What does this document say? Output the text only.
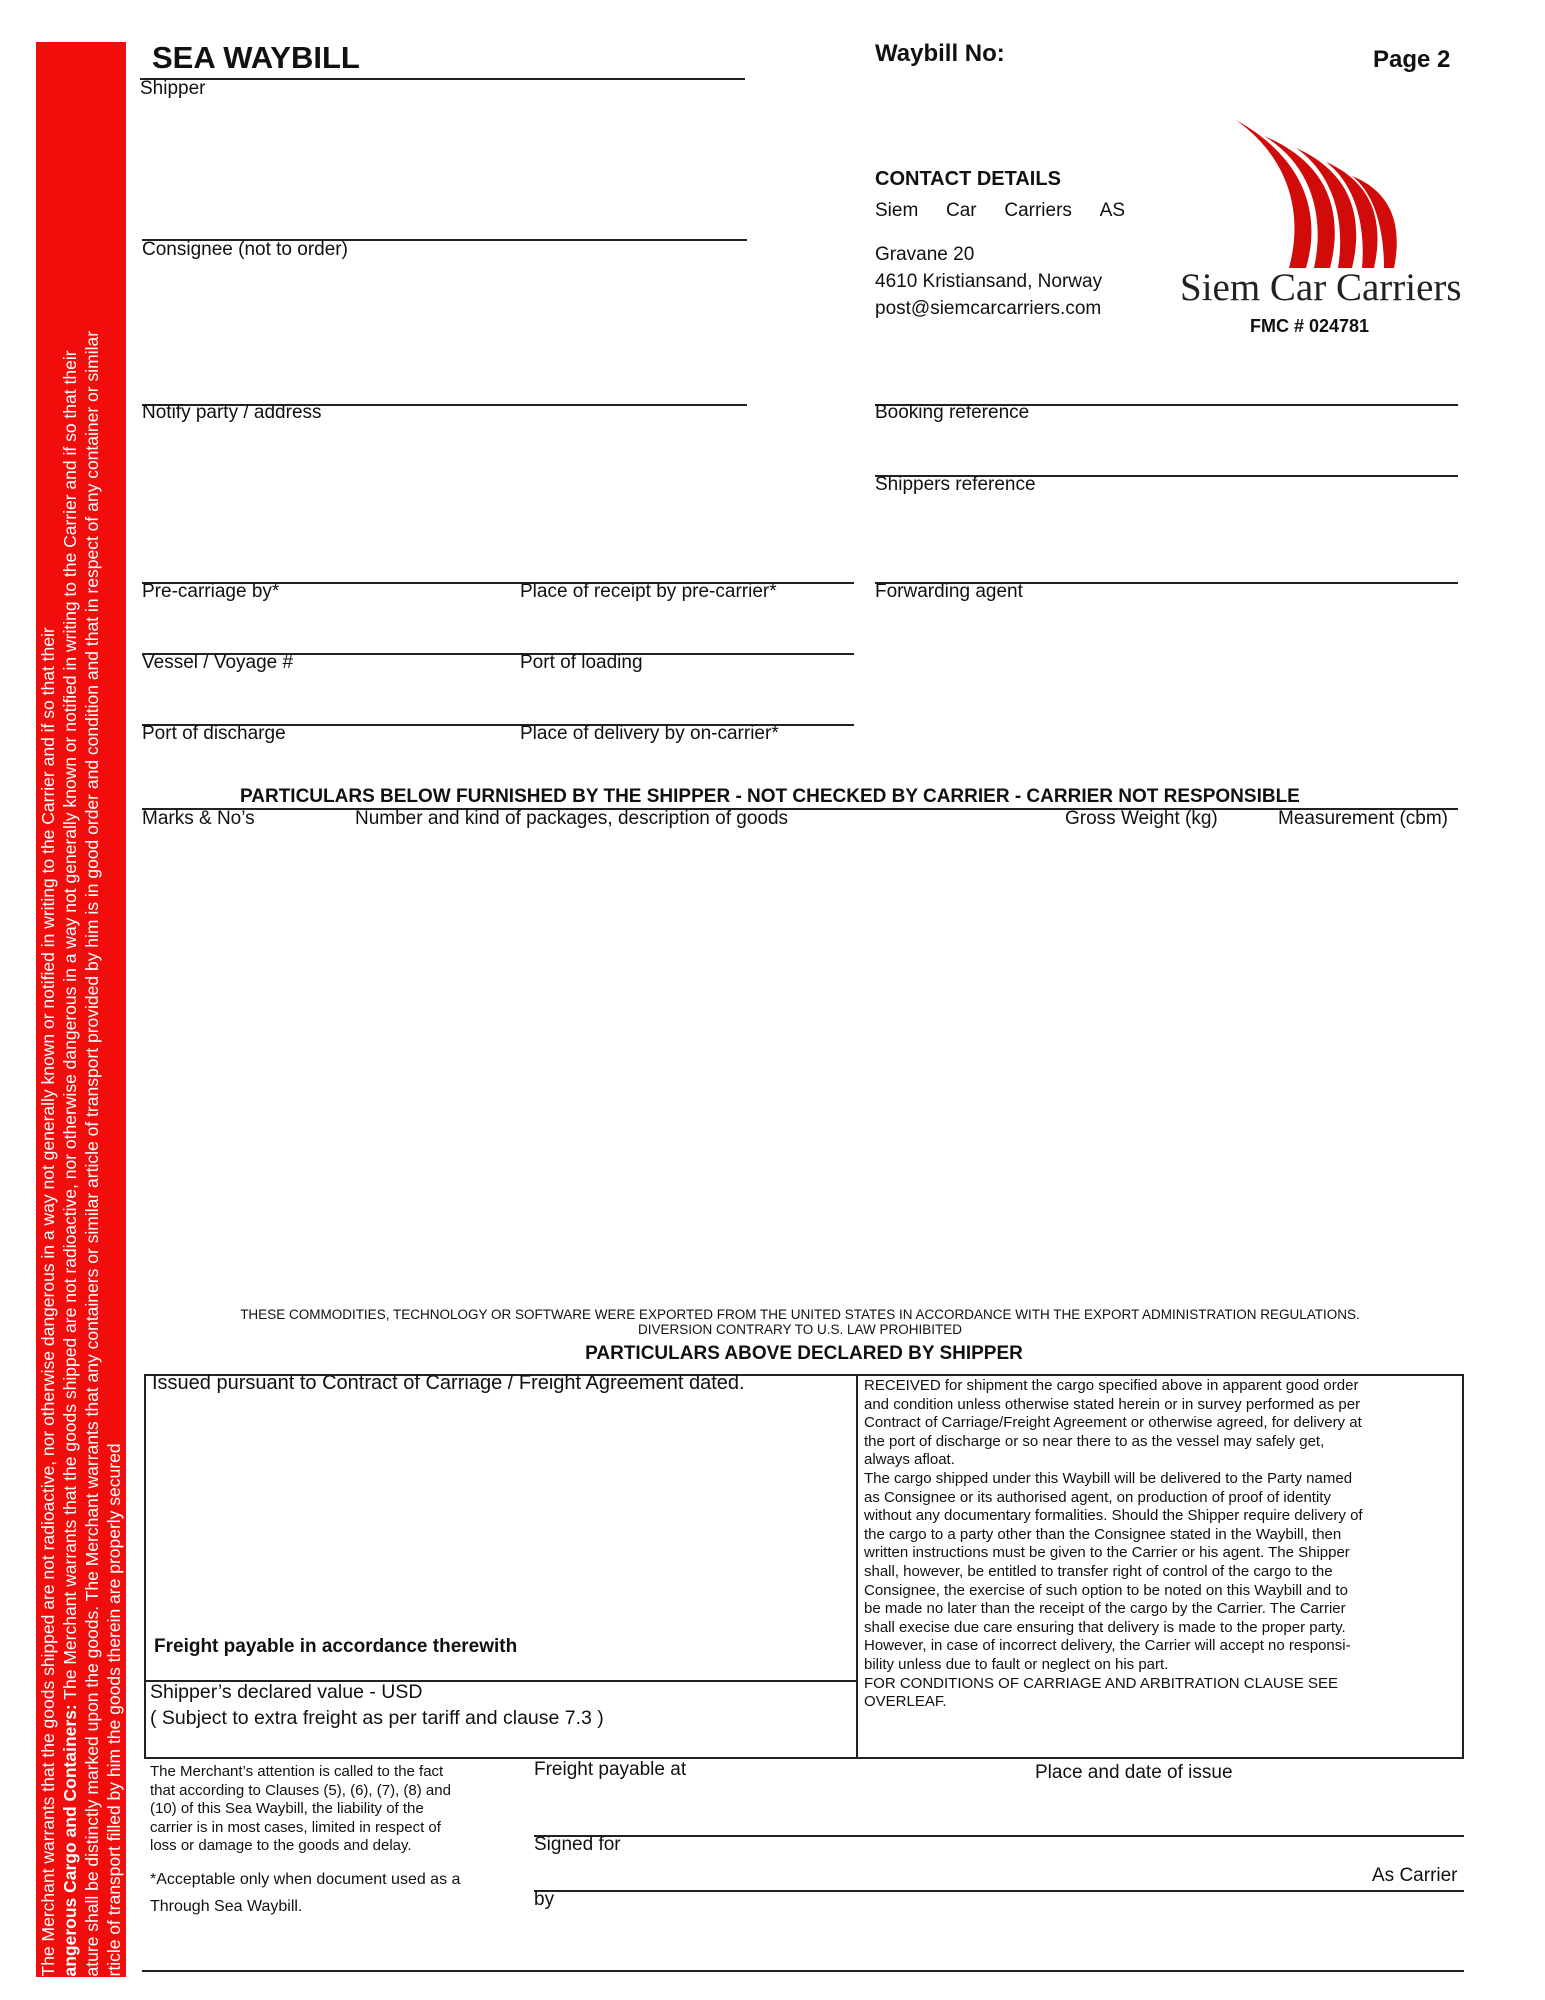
The Merchant warrants that the goods shipped are not radioactive, nor otherwise dangerous in a way not generally known or notified in writing to the Carrier and if so that their angerous Cargo and Containers: The Merchant warrants that the goods shipped are not radioactive, nor otherwise dangerous in a way not generally known or notified in writing to the Carrier and if so that their ature shall be distinctly marked upon the goods. The Merchant warrants that any containers or similar article of transport provided by him is in good order and condition and that in respect of any container or similar rticle of transport filled by him the goods therein are properly secured
SEA WAYBILL	Waybill No:	Page 2
Shipper
Consignee (not to order)
Notify party / address
Pre-carriage by*	Place of receipt by pre-carrier*
Vessel / Voyage #	Port of loading
Port of discharge	Place of delivery by on-carrier*
CONTACT DETAILS
Siem Car Carriers AS
Gravane 20
4610 Kristiansand, Norway
post@siemcarcarriers.com Siem Car Carriers
FMC # 024781
Booking reference
Shippers reference
Forwarding agent
PARTICULARS BELOW FURNISHED BY THE SHIPPER - NOT CHECKED BY CARRIER - CARRIER NOT RESPONSIBLE
Marks & No’s	Number and kind of packages, description of goods	Gross Weight (kg)	Measurement (cbm)
THESE COMMODITIES, TECHNOLOGY OR SOFTWARE WERE EXPORTED FROM THE UNITED STATES IN ACCORDANCE WITH THE EXPORT ADMINISTRATION REGULATIONS.
DIVERSION CONTRARY TO U.S. LAW PROHIBITED
PARTICULARS ABOVE DECLARED BY SHIPPER
Issued pursuant to Contract of Carriage / Freight Agreement dated.
Freight payable in accordance therewith
Shipper’s declared value - USD
( Subject to extra freight as per tariff and clause 7.3 )
RECEIVED for shipment the cargo specified above in apparent good order
and condition unless otherwise stated herein or in survey performed as per
Contract of Carriage/Freight Agreement or otherwise agreed, for delivery at
the port of discharge or so near there to as the vessel may safely get,
always afloat.
The cargo shipped under this Waybill will be delivered to the Party named
as Consignee or its authorised agent, on production of proof of identity
without any documentary formalities. Should the Shipper require delivery of
the cargo to a party other than the Consignee stated in the Waybill, then
written instructions must be given to the Carrier or his agent. The Shipper
shall, however, be entitled to transfer right of control of the cargo to the
Consignee, the exercise of such option to be noted on this Waybill and to
be made no later than the receipt of the cargo by the Carrier. The Carrier
shall execise due care ensuring that delivery is made to the proper party.
However, in case of incorrect delivery, the Carrier will accept no responsi-
bility unless due to fault or neglect on his part.
FOR CONDITIONS OF CARRIAGE AND ARBITRATION CLAUSE SEE
OVERLEAF.
The Merchant’s attention is called to the fact
that according to Clauses (5), (6), (7), (8) and
(10) of this Sea Waybill, the liability of the
carrier is in most cases, limited in respect of
loss or damage to the goods and delay.
*Acceptable only when document used as a
Through Sea Waybill.
Freight payable at	Place and date of issue
Signed for
As Carrier
by
